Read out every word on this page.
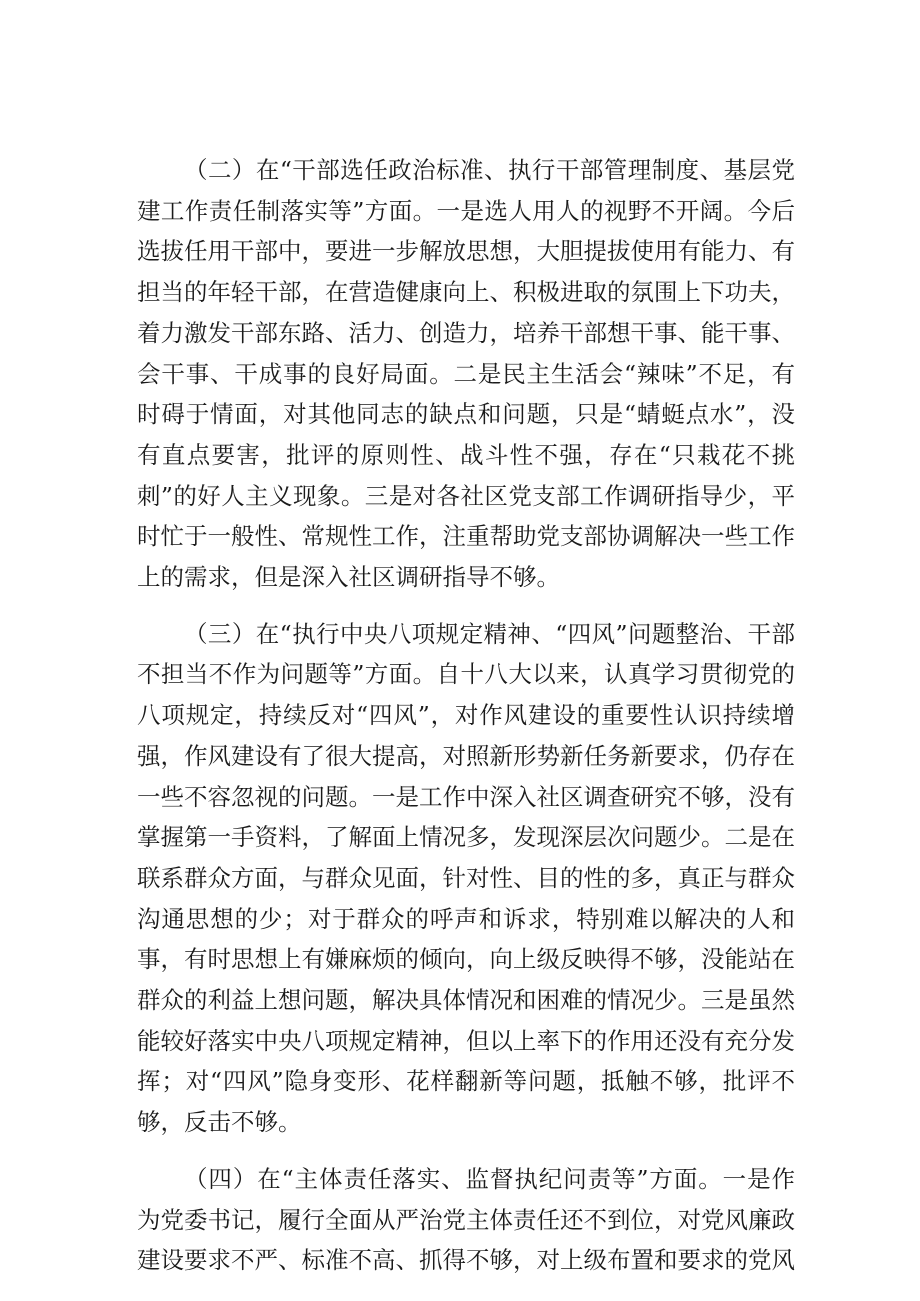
（二）在“干部选任政治标准、执行干部管理制度、基层党建工作责任制落实等”方面。一是选人用人的视野不开阔。今后选拔任用干部中，要进一步解放思想，大胆提拔使用有能力、有担当的年轻干部，在营造健康向上、积极进取的氛围上下功夫，着力激发干部东路、活力、创造力，培养干部想干事、能干事、会干事、干成事的良好局面。二是民主生活会“辣味”不足，有时碍于情面，对其他同志的缺点和问题，只是“蜻蜓点水”，没有直点要害，批评的原则性、战斗性不强，存在“只栽花不挑刺”的好人主义现象。三是对各社区党支部工作调研指导少，平时忙于一般性、常规性工作，注重帮助党支部协调解决一些工作上的需求，但是深入社区调研指导不够。

（三）在“执行中央八项规定精神、“四风”问题整治、干部不担当不作为问题等”方面。自十八大以来，认真学习贯彻党的八项规定，持续反对“四风”，对作风建设的重要性认识持续增强，作风建设有了很大提高，对照新形势新任务新要求，仍存在一些不容忽视的问题。一是工作中深入社区调查研究不够，没有掌握第一手资料，了解面上情况多，发现深层次问题少。二是在联系群众方面，与群众见面，针对性、目的性的多，真正与群众沟通思想的少；对于群众的呼声和诉求，特别难以解决的人和事，有时思想上有嫌麻烦的倾向，向上级反映得不够，没能站在群众的利益上想问题，解决具体情况和困难的情况少。三是虽然能较好落实中央八项规定精神，但以上率下的作用还没有充分发挥；对“四风”隐身变形、花样翻新等问题，抵触不够，批评不够，反击不够。

（四）在“主体责任落实、监督执纪问责等”方面。一是作为党委书记，履行全面从严治党主体责任还不到位，对党风廉政建设要求不严、标准不高、抓得不够，对上级布置和要求的党风
